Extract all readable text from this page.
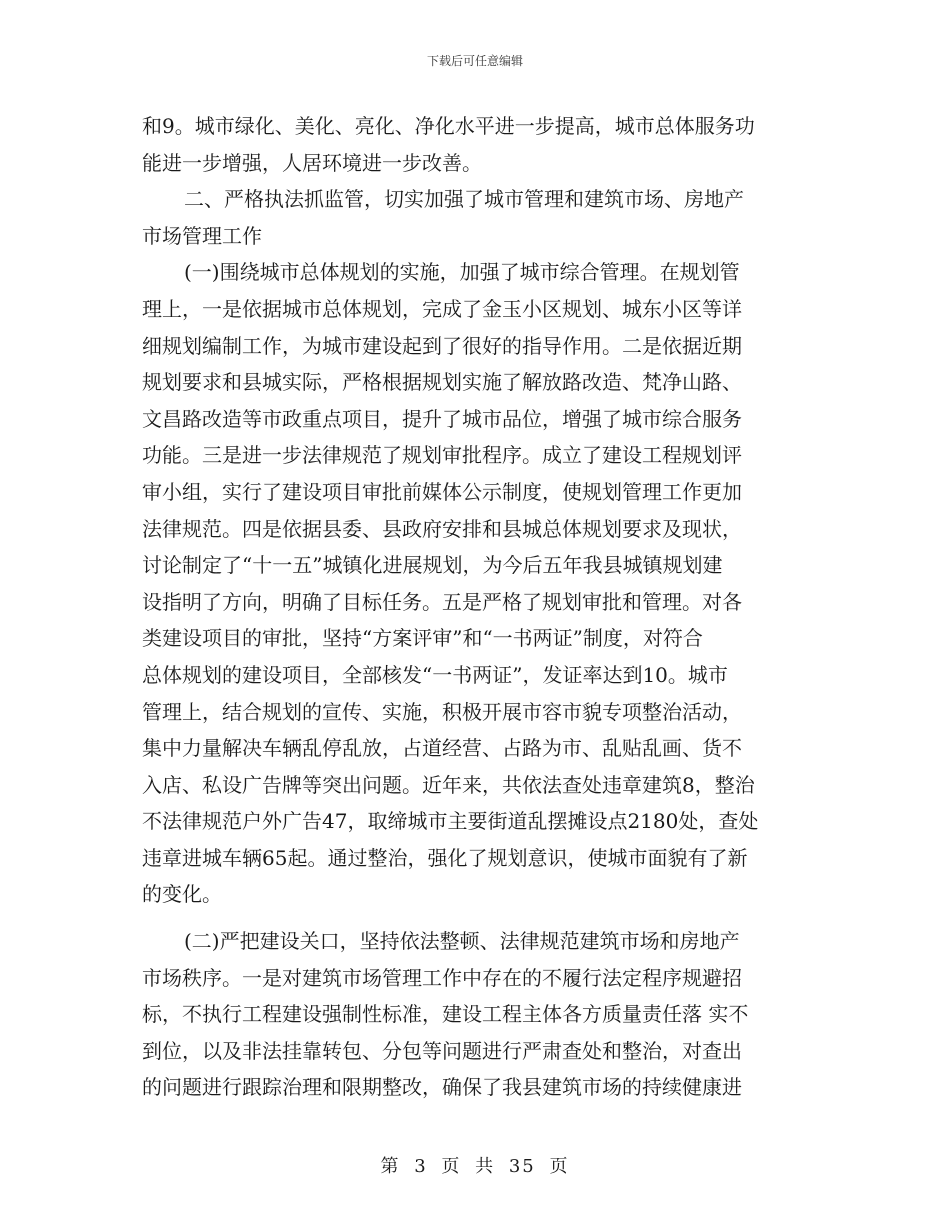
下载后可任意编辑
和9。城市绿化、美化、亮化、净化水平进一步提高，城市总体服务功
能进一步增强，人居环境进一步改善。
二、严格执法抓监管，切实加强了城市管理和建筑市场、房地产
市场管理工作
(一)围绕城市总体规划的实施，加强了城市综合管理。在规划管
理上，一是依据城市总体规划，完成了金玉小区规划、城东小区等详
细规划编制工作，为城市建设起到了很好的指导作用。二是依据近期
规划要求和县城实际，严格根据规划实施了解放路改造、梵净山路、
文昌路改造等市政重点项目，提升了城市品位，增强了城市综合服务
功能。三是进一步法律规范了规划审批程序。成立了建设工程规划评
审小组，实行了建设项目审批前媒体公示制度，使规划管理工作更加
法律规范。四是依据县委、县政府安排和县城总体规划要求及现状，
讨论制定了“十一五”城镇化进展规划，为今后五年我县城镇规划建
设指明了方向，明确了目标任务。五是严格了规划审批和管理。对各
类建设项目的审批，坚持“方案评审”和“一书两证”制度，对符合
总体规划的建设项目，全部核发“一书两证”，发证率达到10。城市
管理上，结合规划的宣传、实施，积极开展市容市貌专项整治活动，
集中力量解决车辆乱停乱放，占道经营、占路为市、乱贴乱画、货不
入店、私设广告牌等突出问题。近年来，共依法查处违章建筑8，整治
不法律规范户外广告47，取缔城市主要街道乱摆摊设点2180处，查处
违章进城车辆65起。通过整治，强化了规划意识，使城市面貌有了新
的变化。
(二)严把建设关口，坚持依法整顿、法律规范建筑市场和房地产
市场秩序。一是对建筑市场管理工作中存在的不履行法定程序规避招
标，不执行工程建设强制性标准，建设工程主体各方质量责任落 实不
到位，以及非法挂靠转包、分包等问题进行严肃查处和整治，对查出
的问题进行跟踪治理和限期整改，确保了我县建筑市场的持续健康进
第 3 页 共 35 页
